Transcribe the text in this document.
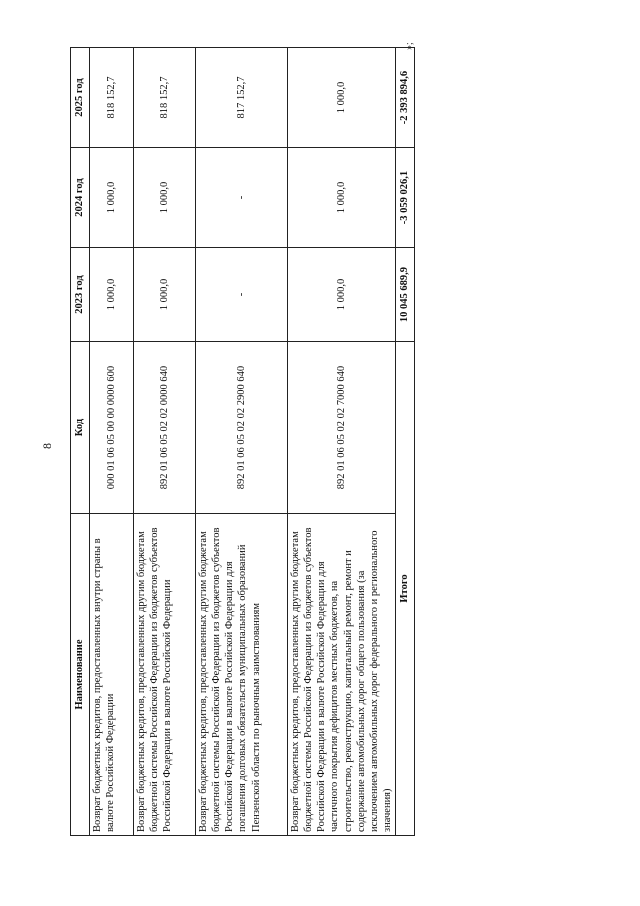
8
»;
Наименование	Код	2023 год	2024 год	2025 год
Возврат бюджетных кредитов, предоставленных внутри страны в валюте Российской Федерации	000 01 06 05 00 00 0000 600	1 000,0	1 000,0	818 152,7
Возврат бюджетных кредитов, предоставленных другим бюджетам бюджетной системы Российской Федерации из бюджетов субъектов Российской Федерации в валюте Российской Федерации	892 01 06 05 02 02 0000 640	1 000,0	1 000,0	818 152,7
Возврат бюджетных кредитов, предоставленных другим бюджетам бюджетной системы Российской Федерации из бюджетов субъектов Российской Федерации в валюте Российской Федерации для погашения долговых обязательств муниципальных образований Пензенской области по рыночным заимствованиям	892 01 06 05 02 02 2900 640	-	-	817 152,7
Возврат бюджетных кредитов, предоставленных другим бюджетам бюджетной системы Российской Федерации из бюджетов субъектов Российской Федерации в валюте Российской Федерации для частичного покрытия дефицитов местных бюджетов, на строительство, реконструкцию, капитальный ремонт, ремонт и содержание автомобильных дорог общего пользования (за исключением автомобильных дорог федерального и регионального значения)	892 01 06 05 02 02 7000 640	1 000,0	1 000,0	1 000,0
Итого		10 045 689,9	-3 059 026,1	-2 393 894,6
